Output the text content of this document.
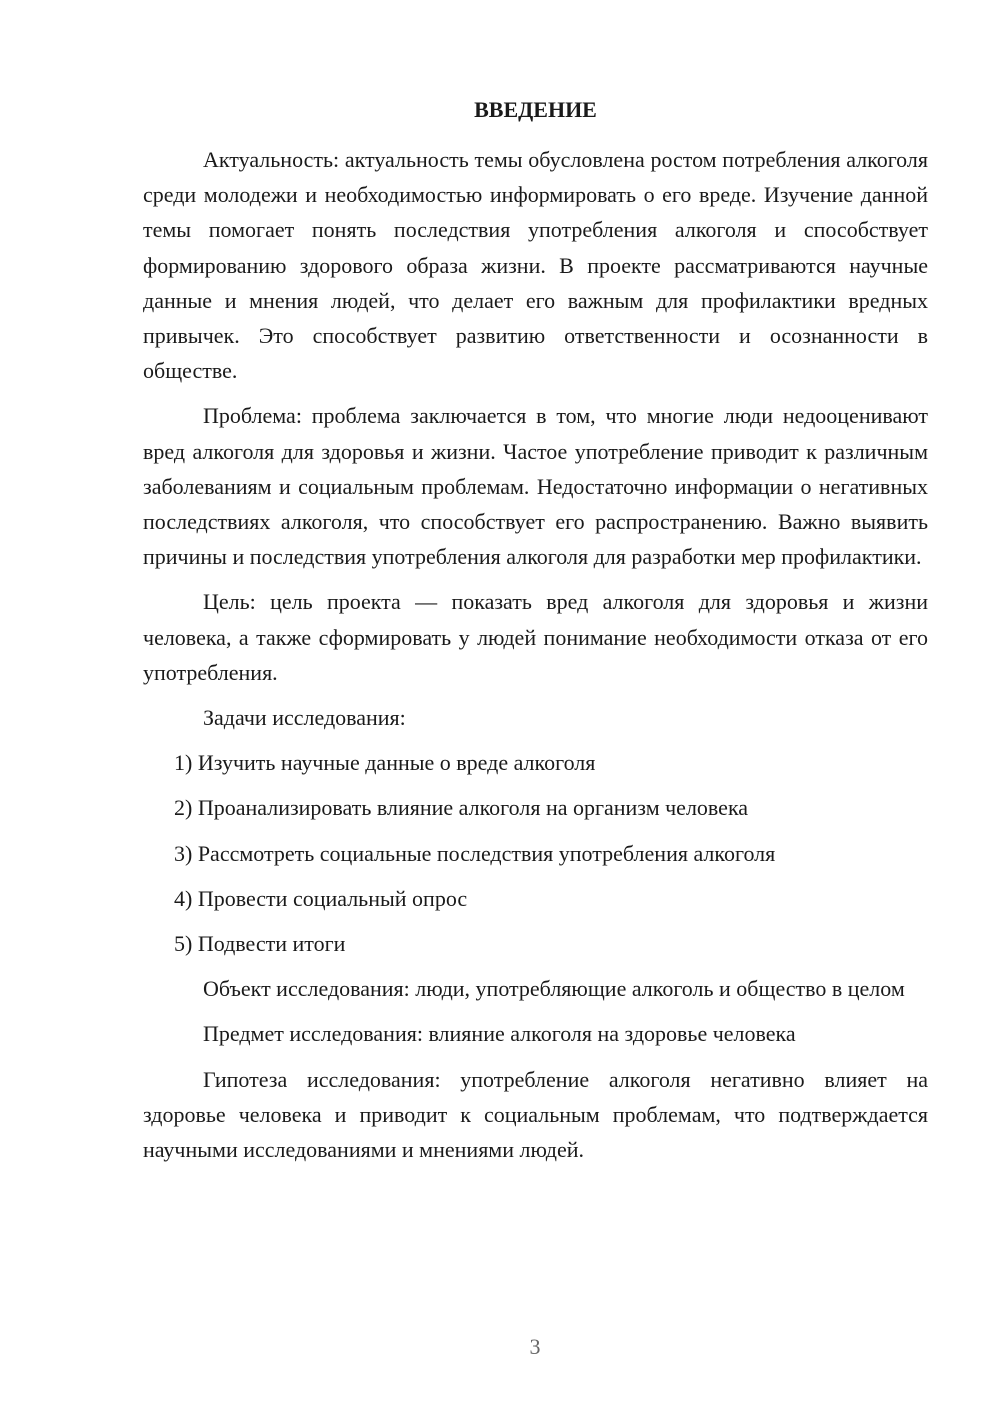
ВВЕДЕНИЕ

Актуальность: актуальность темы обусловлена ростом потребления алкоголя среди молодежи и необходимостью информировать о его вреде. Изучение данной темы помогает понять последствия употребления алкоголя и способствует формированию здорового образа жизни. В проекте рассматриваются научные данные и мнения людей, что делает его важным для профилактики вредных привычек. Это способствует развитию ответственности и осознанности в обществе.

Проблема: проблема заключается в том, что многие люди недооценивают вред алкоголя для здоровья и жизни. Частое употребление приводит к различным заболеваниям и социальным проблемам. Недостаточно информации о негативных последствиях алкоголя, что способствует его распространению. Важно выявить причины и последствия употребления алкоголя для разработки мер профилактики.

Цель: цель проекта — показать вред алкоголя для здоровья и жизни человека, а также сформировать у людей понимание необходимости отказа от его употребления.

Задачи исследования:

1) Изучить научные данные о вреде алкоголя
2) Проанализировать влияние алкоголя на организм человека
3) Рассмотреть социальные последствия употребления алкоголя
4) Провести социальный опрос
5) Подвести итоги

Объект исследования: люди, употребляющие алкоголь и общество в целом

Предмет исследования: влияние алкоголя на здоровье человека

Гипотеза исследования: употребление алкоголя негативно влияет на здоровье человека и приводит к социальным проблемам, что подтверждается научными исследованиями и мнениями людей.

3
